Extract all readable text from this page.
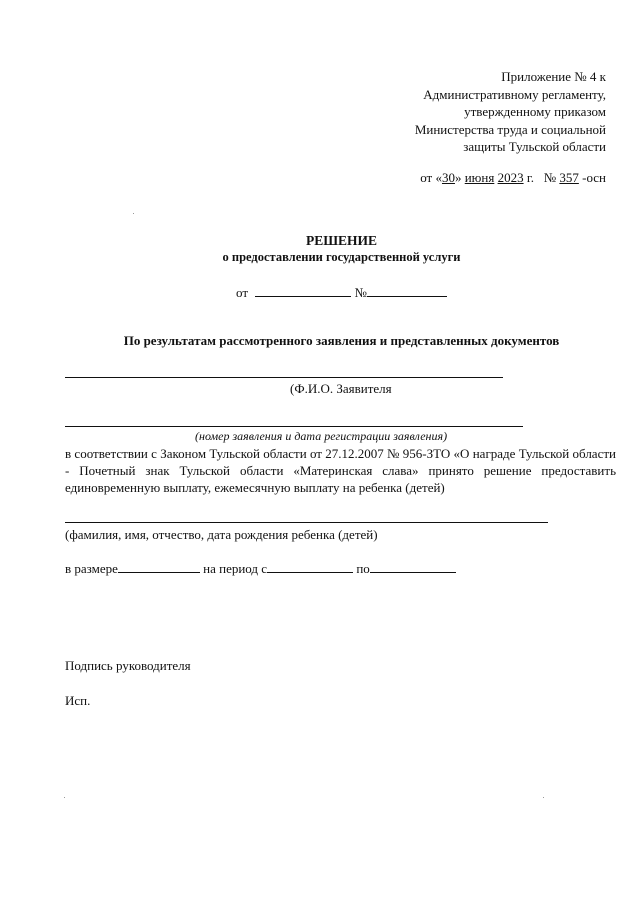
Приложение № 4 к
Административному регламенту,
утвержденному приказом
Министерства труда и социальной
защиты Тульской области
от «30» июня 2023 г.   № 357 -осн
РЕШЕНИЕ
о предоставлении государственной услуги
от	№
По результатам рассмотренного заявления и представленных документов
(Ф.И.О. Заявителя
(номер заявления и дата регистрации заявления)
в соответствии с Законом Тульской области от 27.12.2007 № 956-ЗТО «О награде Тульской области - Почетный знак Тульской области «Материнская слава» принято решение предоставить единовременную выплату, ежемесячную выплату на ребенка (детей)
(фамилия, имя, отчество, дата рождения ребенка (детей)
в размере	на период с	по
Подпись руководителя
Исп.
